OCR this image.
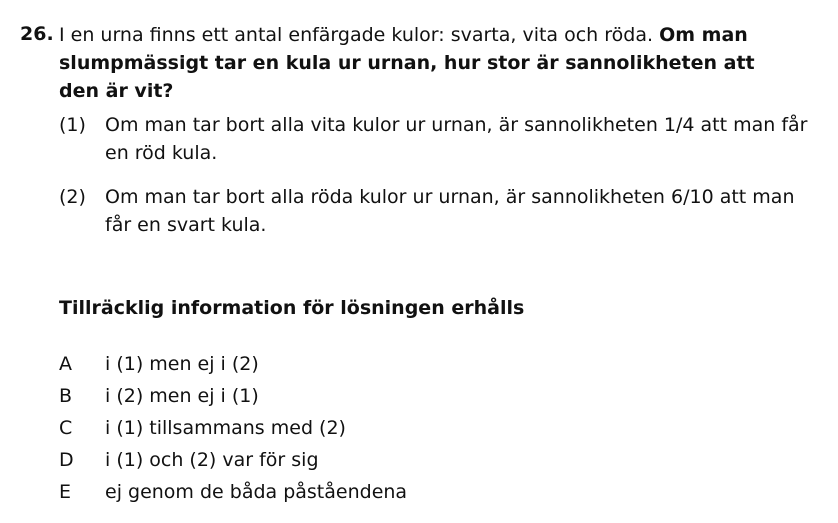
26. I en urna finns ett antal enfärgade kulor: svarta, vita och röda. Om man slumpmässigt tar en kula ur urnan, hur stor är sannolikheten att den är vit?
(1) Om man tar bort alla vita kulor ur urnan, är sannolikheten 1/4 att man får en röd kula.
(2) Om man tar bort alla röda kulor ur urnan, är sannolikheten 6/10 att man får en svart kula.
Tillräcklig information för lösningen erhålls
A i (1) men ej i (2)
B i (2) men ej i (1)
C i (1) tillsammans med (2)
D i (1) och (2) var för sig
E ej genom de båda påståendena
